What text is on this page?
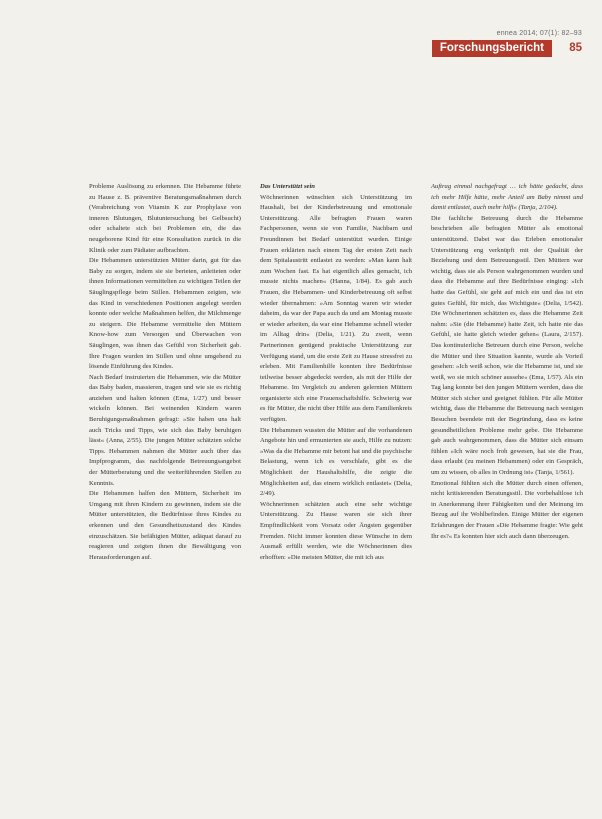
ennea 2014; 07(1): 82–93
Forschungsbericht	85

Probleme Auslösung zu erkennen. Die Hebamme führte zu Hause z. B. präventive Beratungsmaßnahmen durch (Verabreichung von Vitamin K zur Prophylaxe von inneren Blutungen, Blutuntersuchung bei Gelbsucht) oder schaltete sich bei Problemen ein, die das neugeborene Kind für eine Konsultation zurück in die Klinik oder zum Pädiater aufbrachten.

Die Hebammen unterstützten Mütter darin, gut für das Baby zu sorgen, indem sie sie berieten, anleiteten oder ihnen Informationen vermittelten zu wichtigen Teilen der Säuglingspflege beim Stillen. Hebammen zeigten, wie das Kind in verschiedenen Positionen angelegt werden konnte oder welche Maßnahmen helfen, die Milchmenge zu steigern. Die Hebamme vermittelte den Müttern Know-how zum Versorgen und Überwachen von Säuglingen, was ihnen das Gefühl von Sicherheit gab. Ihre Fragen wurden im Stillen und ohne umgehend zu lösende Einführung des Kindes.

Nach Bedarf instruierten die Hebammen, wie die Mütter das Baby baden, massieren, tragen und wie sie es richtig anziehen und halten können (Ema, 1/27) und besser wickeln können. Bei weinenden Kindern waren Beruhigungsmaßnahmen gefragt: »Sie haben uns halt auch Tricks und Tipps, wie sich das Baby beruhigen lässt« (Anna, 2/55). Die jungen Mütter schätzten solche Tipps. Hebammen nahmen die Mütter auch über das Impfprogramm, das nachfolgende Betreuungsangebot der Mütterberatung und die weiterführenden Stellen zu Kenntnis.

Die Hebammen halfen den Müttern, Sicherheit im Umgang mit ihren Kindern zu gewinnen, indem sie die Mütter unterstützten, die Bedürfnisse ihres Kindes zu erkennen und den Gesundheitszustand des Kindes einzuschätzen. Sie befähigten Mütter, adäquat darauf zu reagieren und zeigten ihnen die Bewältigung von Herausforderungen auf.

Das Unterstützt sein

Wöchnerinnen wünschten sich Unterstützung im Haushalt, bei der Kinderbetreuung und emotionale Unterstützung. Alle befragten Frauen waren Fachpersonen, wenn sie von Familie, Nachbarn und Freundinnen bei Bedarf unterstützt wurden. Einige Frauen erklärten nach einem Tag der ersten Zeit nach dem Spitalaustritt entlastet zu werden: »Man kann halt zum Wochen fast. Es hat eigentlich alles gemacht, ich musste nichts machen« (Hanna, 1/84). Es gab auch Frauen, die Hebammen- und Kinderbetreuung oft selbst wieder übernahmen: »Am Sonntag waren wir wieder daheim, da war der Papa auch da und am Montag musste er wieder arbeiten, da war eine Hebamme schnell wieder im Alltag drin« (Delia, 1/21). Zu zweit, wenn Partnerinnen genügend praktische Unterstützung zur Verfügung stand, um die erste Zeit zu Hause stressfrei zu erleben. Mit Familienhilfe konnten ihre Bedürfnisse teilweise besser abgedeckt werden, als mit der Hilfe der Hebamme. Im Vergleich zu anderen gelernten Müttern organisierte sich eine Frauenschaftshilfe. Schwierig war es für Mütter, die nicht über Hilfe aus dem Familienkreis verfügten.

Die Hebammen wussten die Mütter auf die vorhandenen Angebote hin und ermunterten sie auch, Hilfe zu nutzen: »Was da die Hebamme mir betont hat und die psychische Belastung, wenn ich es verschlafe, gibt es die Möglichkeit der Haushaltshilfe, die zeigte die Möglichkeiten auf, das einem wirklich entlastet« (Delia, 2/49).

Wöchnerinnen schätzten auch eine sehr wichtige Unterstützung. Zu Hause waren sie sich ihrer Empfindlichkeit vom Vorsatz oder Ängsten gegenüber Fremden. Nicht immer konnten diese Wünsche in dem Ausmaß erfüllt werden, wie die Wöchnerinnen dies erhofften: »Die meisten Mütter, die mit ich aus

Auftrag einmal nachgefragt … ich hätte gedacht, dass ich mehr Hilfe hätte, mehr Anteil am Baby nimmt und damit entlastet, auch mehr hilft« (Tanja, 2/104).

Die fachliche Betreuung durch die Hebamme beschrieben alle befragten Mütter als emotional unterstützend. Dabei war das Erleben emotionaler Unterstützung eng verknüpft mit der Qualität der Beziehung und dem Betreuungsstil. Den Müttern war wichtig, dass sie als Person wahrgenommen wurden und dass die Hebamme auf ihre Bedürfnisse einging: »Ich hatte das Gefühl, sie geht auf mich ein und das ist ein gutes Gefühl, für mich, das Wichtigste« (Delia, 1/542). Die Wöchnerinnen schätzten es, dass die Hebamme Zeit nahm: »Sie (die Hebamme) hatte Zeit, ich hatte nie das Gefühl, sie hatte gleich wieder gehen« (Laura, 2/157). Das kontinuierliche Betreuen durch eine Person, welche die Mütter und ihre Situation kannte, wurde als Vorteil gesehen: »Ich weiß schon, wie die Hebamme ist, und sie weiß, wo sie mich schöner aussehe« (Ema, 1/57). Als ein Tag lang konnte bei den jungen Müttern werden, dass die Mütter sich sicher und geeignet fühlten. Für alle Mütter wichtig, dass die Hebamme die Betreuung nach wenigen Besuchen beendete mit der Begründung, dass es keine gesundheitlichen Probleme mehr gebe. Die Hebamme gab auch wahrgenommen, dass die Mütter sich einsam fühlen »Ich wäre noch froh gewesen, hat sie die Frau, dass erlaubt (zu meinen Hebammen) oder ein Gespräch, um zu wissen, ob alles in Ordnung ist« (Tanja, 1/561).

Emotional fühlten sich die Mütter durch einen offenen, nicht kritisierenden Beratungsstil. Die vorbehaltlose ich in Anerkennung ihrer Fähigkeiten und der Meinung im Bezug auf ihr Wohlbefinden. Einige Mütter der eigenen Erfahrungen der Frauen »Die Hebamme fragte: Wie geht Ihr es?« Es konnten hier sich auch dann überzeugen.
